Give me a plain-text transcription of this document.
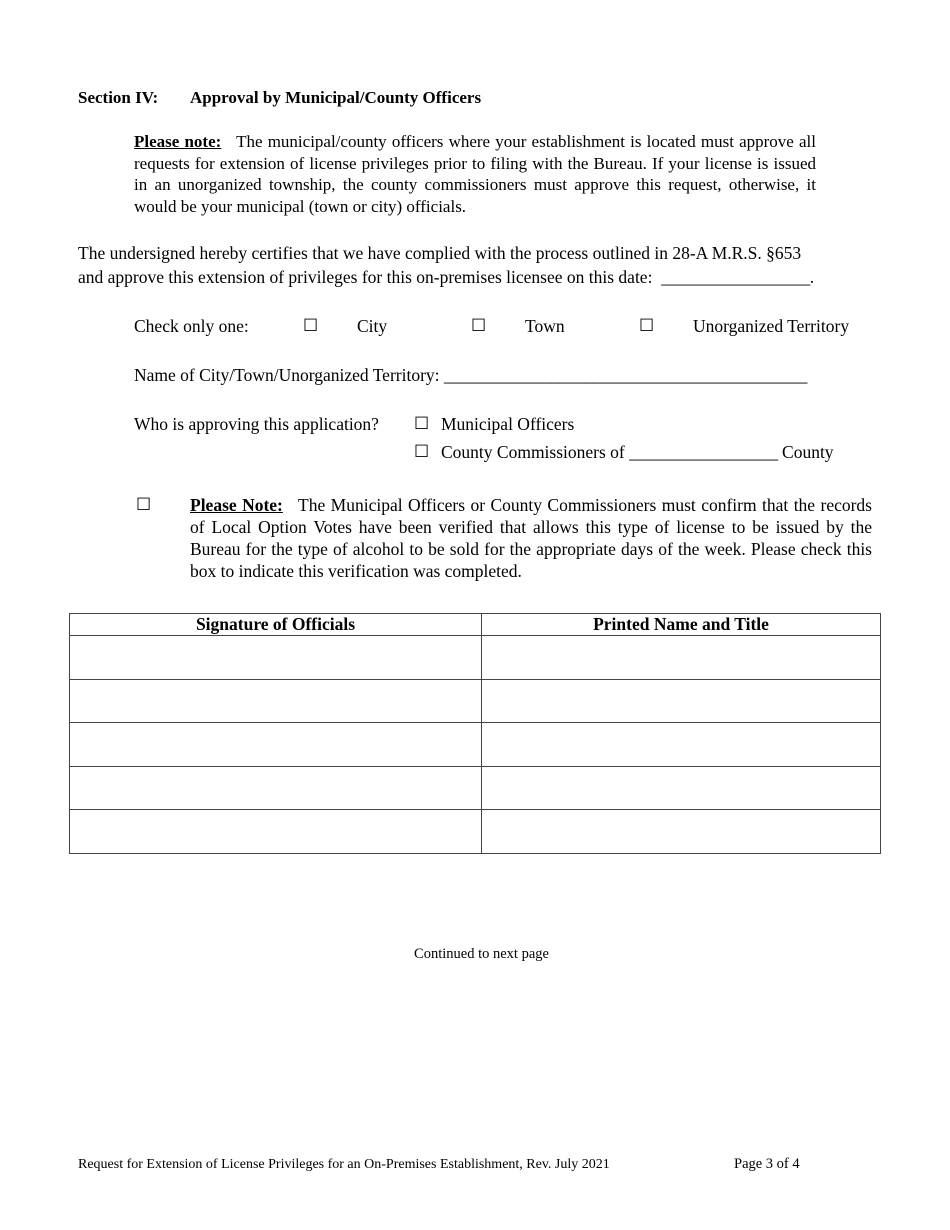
Section IV: Approval by Municipal/County Officers
Please note: The municipal/county officers where your establishment is located must approve all requests for extension of license privileges prior to filing with the Bureau. If your license is issued in an unorganized township, the county commissioners must approve this request, otherwise, it would be your municipal (town or city) officials.
The undersigned hereby certifies that we have complied with the process outlined in 28-A M.R.S. §653
and approve this extension of privileges for this on-premises licensee on this date: __________________.
Check only one:	☐ City	☐ Town	☐ Unorganized Territory
Name of City/Town/Unorganized Territory: ____________________________________________
Who is approving this application? ☐ Municipal Officers
☐ County Commissioners of __________________ County
☐ Please Note: The Municipal Officers or County Commissioners must confirm that the records of Local Option Votes have been verified that allows this type of license to be issued by the Bureau for the type of alcohol to be sold for the appropriate days of the week. Please check this box to indicate this verification was completed.
Signature of Officials	Printed Name and Title

Continued to next page
Request for Extension of License Privileges for an On-Premises Establishment, Rev. July 2021	Page 3 of 4
